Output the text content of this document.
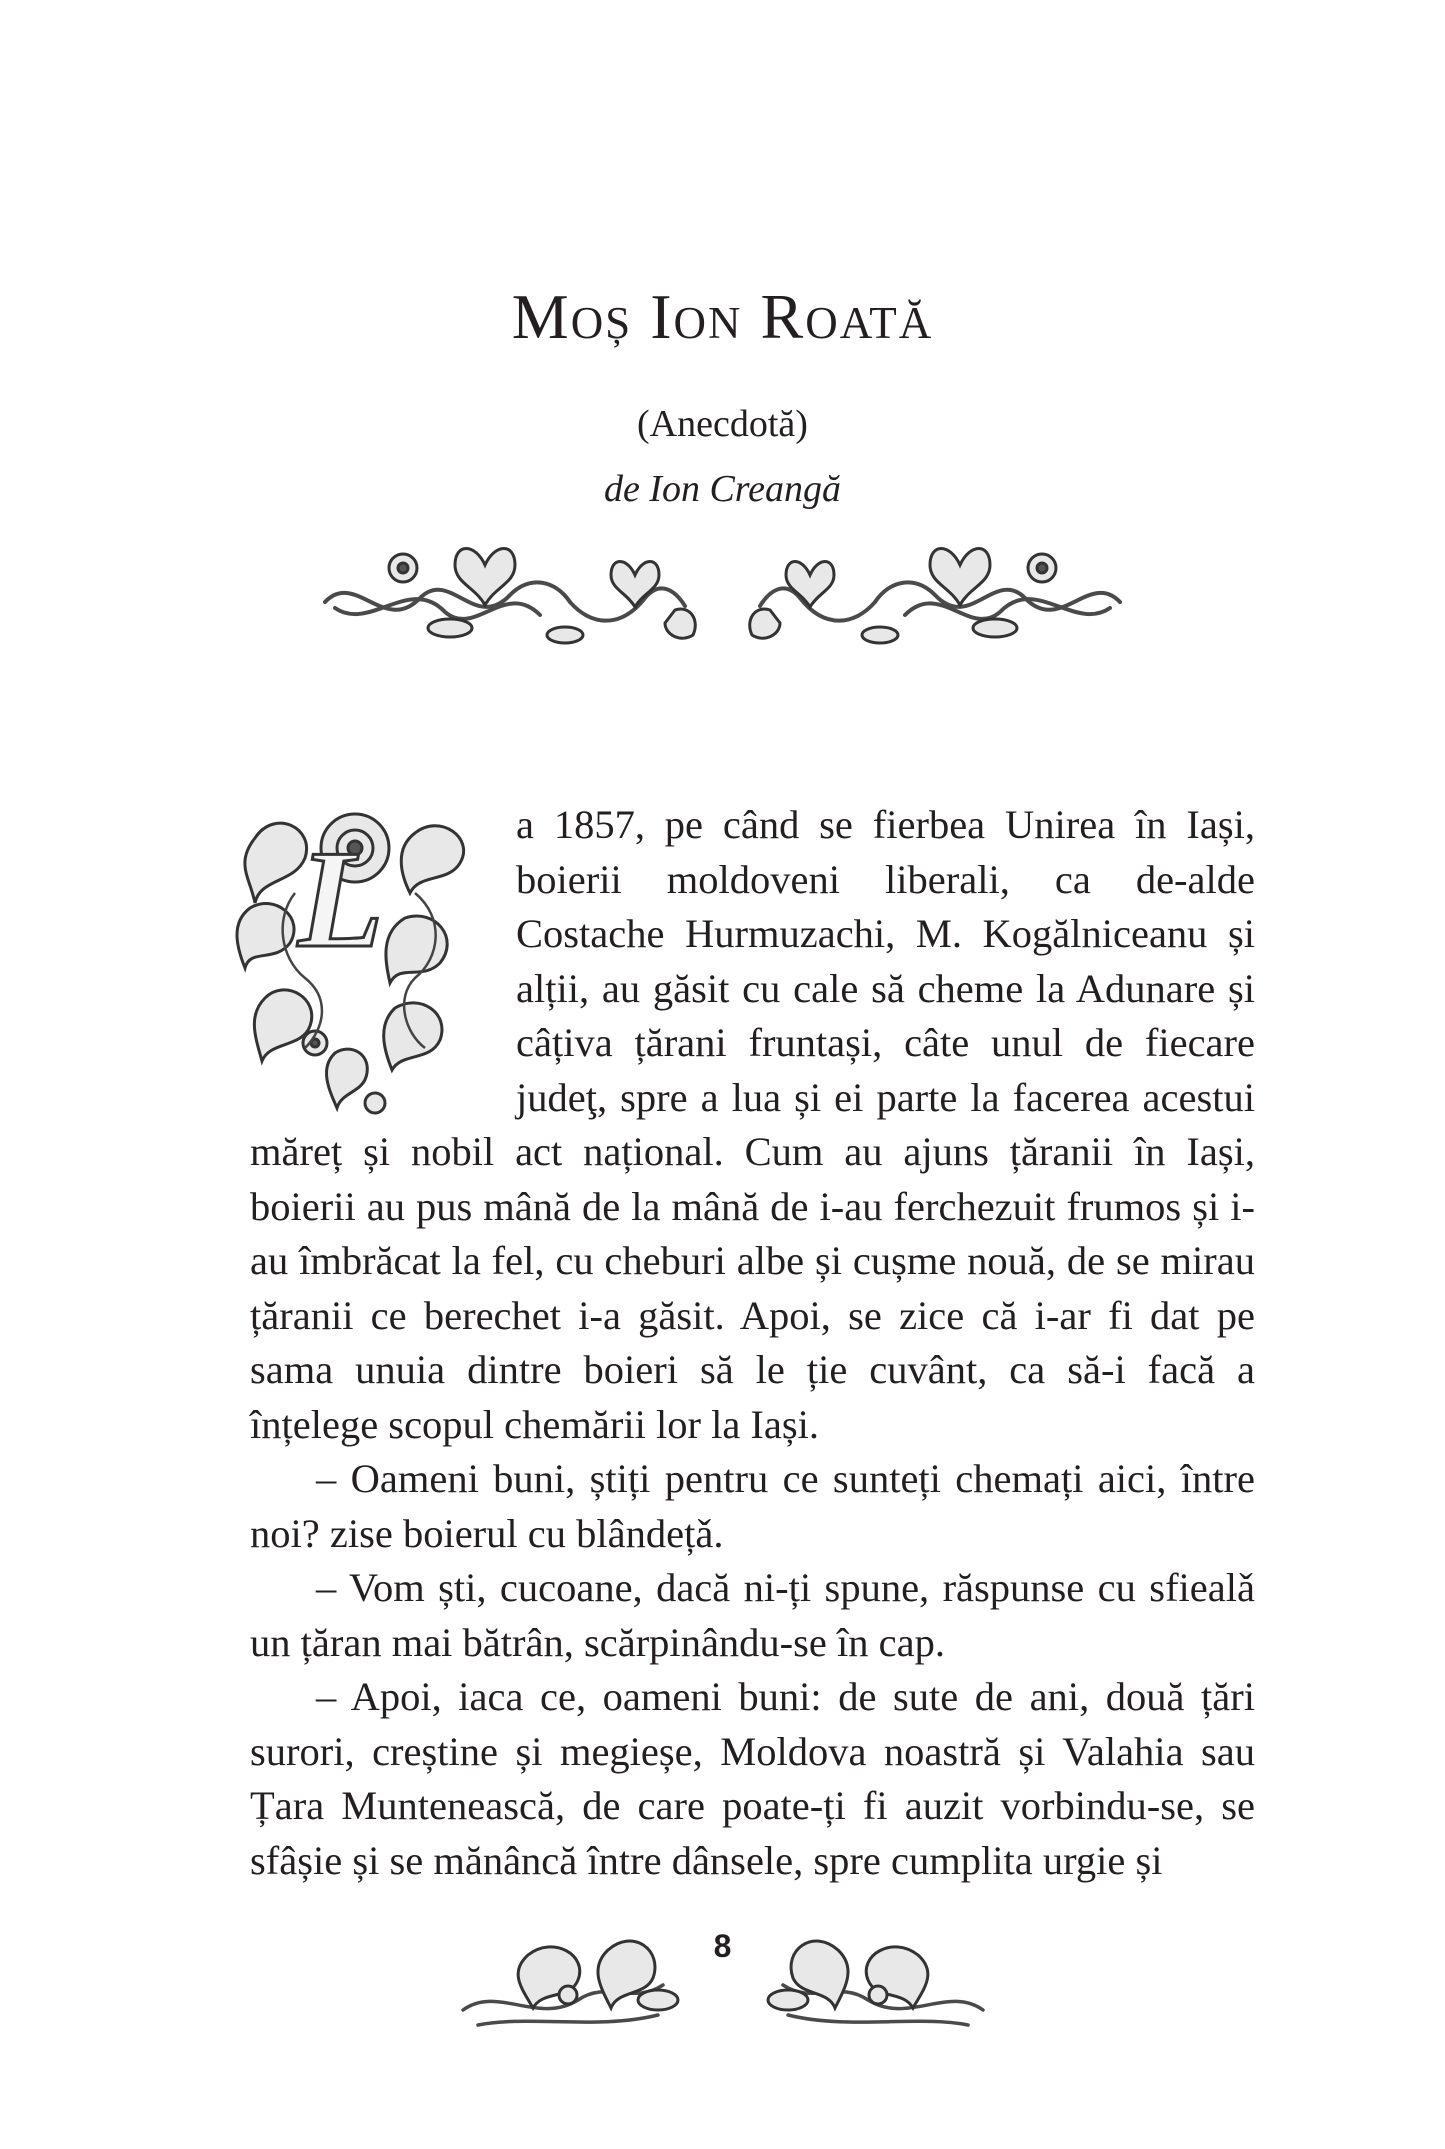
Moș Ion Roată
(Anecdotă)
de Ion Creangă
L	a 1857, pe când se fierbea Unirea în Iași, boierii moldoveni liberali, ca de-alde Costache Hurmuzachi, M. Kogălniceanu și alții, au găsit cu cale să cheme la Adunare și câțiva țărani fruntași, câte unul de fiecare judeţ, spre a lua și ei parte la facerea acestui măreț și nobil act național. Cum au ajuns țăranii în Iași, boierii au pus mână de la mână de i-au ferchezuit frumos și i-au îmbrăcat la fel, cu cheburi albe și cușme nouă, de se mirau țăranii ce berechet i-a găsit. Apoi, se zice că i-ar fi dat pe sama unuia dintre boieri să le ție cuvânt, ca să-i facă a înțelege scopul chemării lor la Iași.

– Oameni buni, știți pentru ce sunteți chemați aici, între noi? zise boierul cu blândețǎ.

– Vom ști, cucoane, dacă ni-ți spune, răspunse cu sfiealǎ un țăran mai bătrân, scărpinându-se în cap.

– Apoi, iaca ce, oameni buni: de sute de ani, două țări surori, creștine și megieșe, Moldova noastră și Valahia sau Țara Muntenească, de care poate-ți fi auzit vorbindu-se, se sfâșie și se mănâncă între dânsele, spre cumplita urgie și

8
